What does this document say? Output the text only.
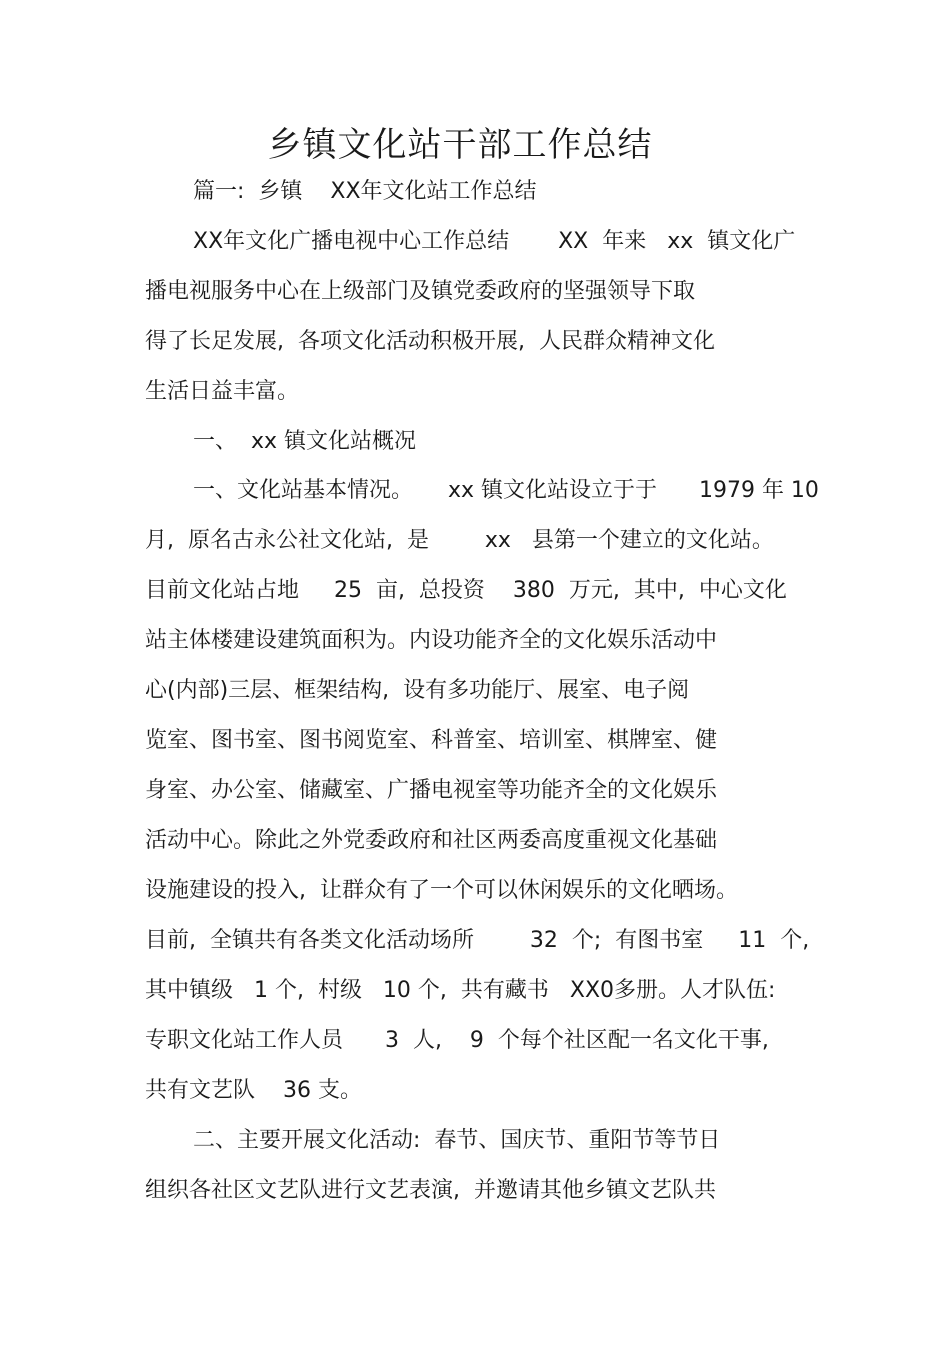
乡镇文化站干部工作总结
篇一:  乡镇    XX年文化站工作总结
XX年文化广播电视中心工作总结       XX  年来   xx  镇文化广
播电视服务中心在上级部门及镇党委政府的坚强领导下取
得了长足发展,  各项文化活动积极开展,  人民群众精神文化
生活日益丰富。
一、  xx 镇文化站概况
一、文化站基本情况。     xx 镇文化站设立于于      1979 年 10
月,  原名古永公社文化站,  是        xx   县第一个建立的文化站。
目前文化站占地     25  亩,  总投资    380  万元,  其中,  中心文化
站主体楼建设建筑面积为。内设功能齐全的文化娱乐活动中
心(内部)三层、框架结构,  设有多功能厅、展室、电子阅
览室、图书室、图书阅览室、科普室、培训室、棋牌室、健
身室、办公室、储藏室、广播电视室等功能齐全的文化娱乐
活动中心。除此之外党委政府和社区两委高度重视文化基础
设施建设的投入,  让群众有了一个可以休闲娱乐的文化晒场。
目前,  全镇共有各类文化活动场所        32  个;  有图书室     11  个,
其中镇级   1 个,  村级   10 个,  共有藏书   XX0多册。人才队伍:
专职文化站工作人员      3  人,    9  个每个社区配一名文化干事,
共有文艺队    36 支。
二、主要开展文化活动:  春节、国庆节、重阳节等节日
组织各社区文艺队进行文艺表演,  并邀请其他乡镇文艺队共
